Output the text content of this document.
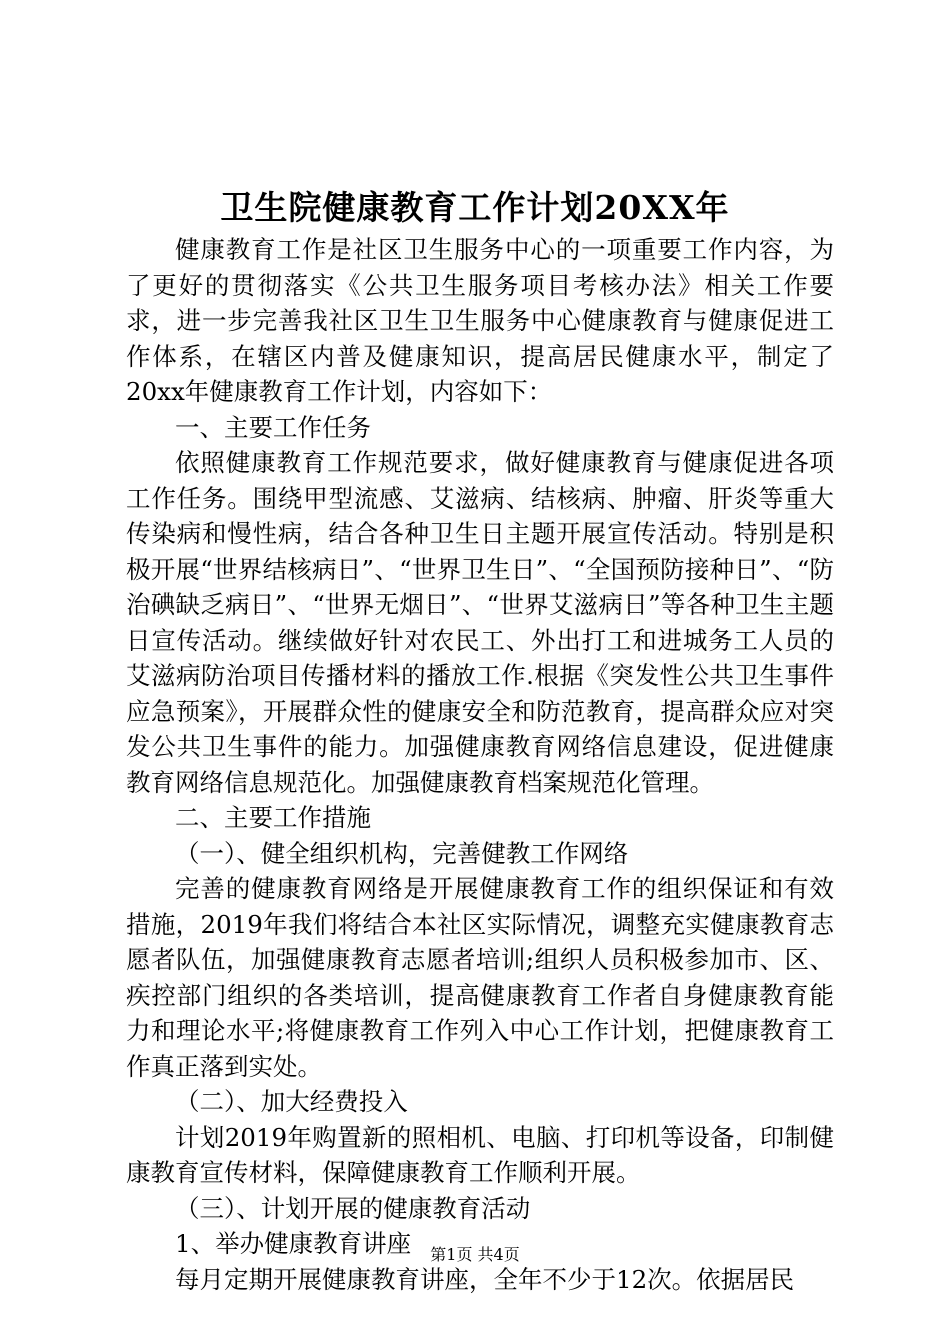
卫生院健康教育工作计划20XX年

健康教育工作是社区卫生服务中心的一项重要工作内容，为了更好的贯彻落实《公共卫生服务项目考核办法》相关工作要求，进一步完善我社区卫生卫生服务中心健康教育与健康促进工作体系，在辖区内普及健康知识，提高居民健康水平，制定了20xx年健康教育工作计划，内容如下：

一、主要工作任务

依照健康教育工作规范要求，做好健康教育与健康促进各项工作任务。围绕甲型流感、艾滋病、结核病、肿瘤、肝炎等重大传染病和慢性病，结合各种卫生日主题开展宣传活动。特别是积极开展“世界结核病日”、“世界卫生日”、“全国预防接种日”、“防治碘缺乏病日”、“世界无烟日”、“世界艾滋病日”等各种卫生主题日宣传活动。继续做好针对农民工、外出打工和进城务工人员的艾滋病防治项目传播材料的播放工作.根据《突发性公共卫生事件应急预案》，开展群众性的健康安全和防范教育，提高群众应对突发公共卫生事件的能力。加强健康教育网络信息建设，促进健康教育网络信息规范化。加强健康教育档案规范化管理。

二、主要工作措施

（一）、健全组织机构，完善健教工作网络

完善的健康教育网络是开展健康教育工作的组织保证和有效措施，2019年我们将结合本社区实际情况，调整充实健康教育志愿者队伍，加强健康教育志愿者培训;组织人员积极参加市、区、疾控部门组织的各类培训，提高健康教育工作者自身健康教育能力和理论水平;将健康教育工作列入中心工作计划，把健康教育工作真正落到实处。

（二）、加大经费投入

计划2019年购置新的照相机、电脑、打印机等设备，印制健康教育宣传材料，保障健康教育工作顺利开展。

（三）、计划开展的健康教育活动

1、举办健康教育讲座

每月定期开展健康教育讲座，全年不少于12次。依据居民

第1页 共4页
